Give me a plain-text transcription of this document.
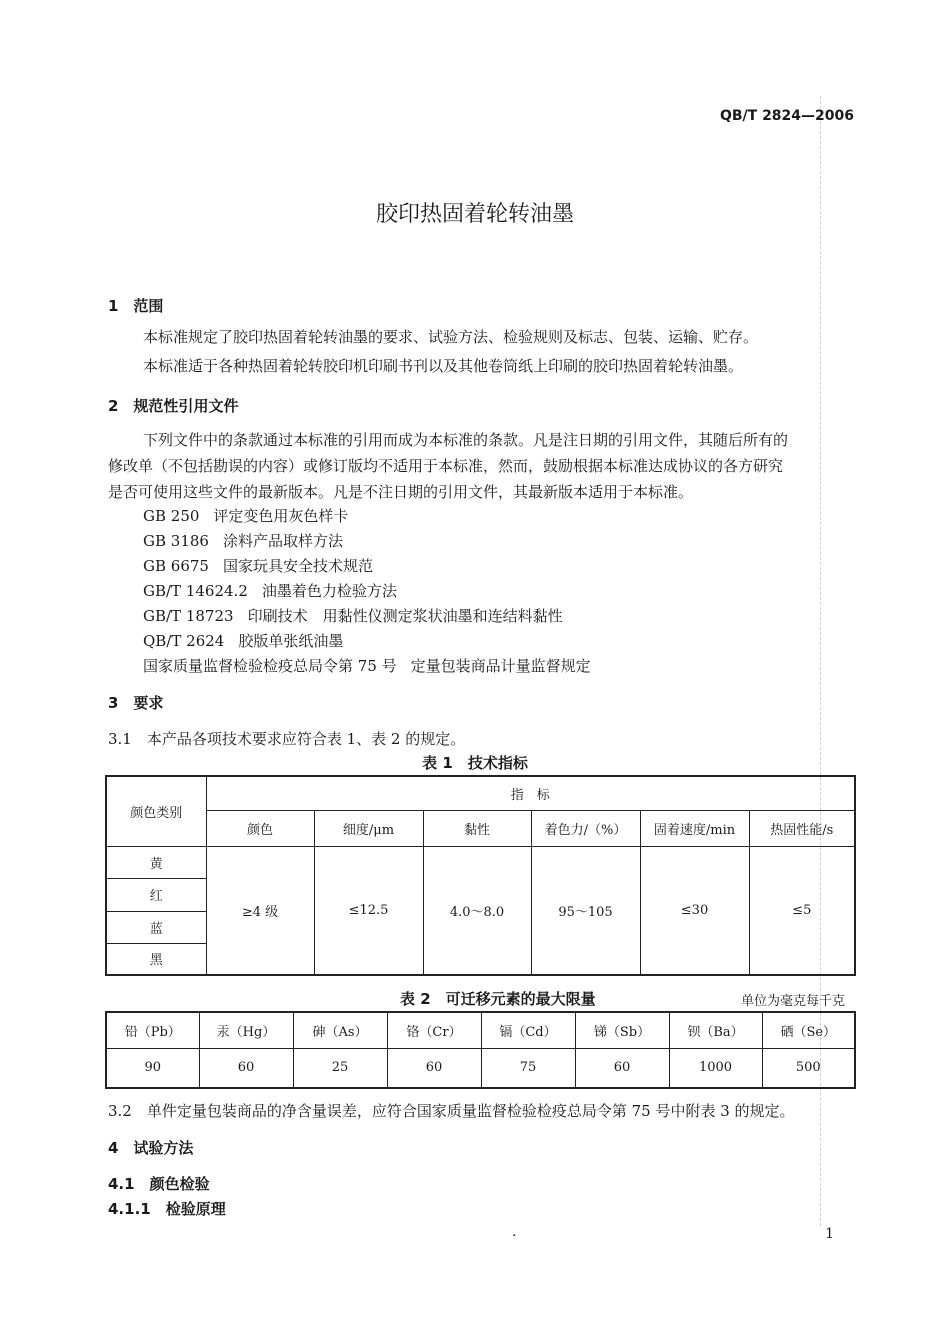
QB/T 2824—2006
胶印热固着轮转油墨
1　范围
本标准规定了胶印热固着轮转油墨的要求、试验方法、检验规则及标志、包装、运输、贮存。
本标准适于各种热固着轮转胶印机印刷书刊以及其他卷筒纸上印刷的胶印热固着轮转油墨。
2　规范性引用文件
下列文件中的条款通过本标准的引用而成为本标准的条款。凡是注日期的引用文件，其随后所有的
修改单（不包括勘误的内容）或修订版均不适用于本标准，然而，鼓励根据本标准达成协议的各方研究
是否可使用这些文件的最新版本。凡是不注日期的引用文件，其最新版本适用于本标准。
GB 250 评定变色用灰色样卡
GB 3186 涂料产品取样方法
GB 6675 国家玩具安全技术规范
GB/T 14624.2 油墨着色力检验方法
GB/T 18723 印刷技术　用黏性仪测定浆状油墨和连结料黏性
QB/T 2624 胶版单张纸油墨
国家质量监督检验检疫总局令第 75 号 定量包装商品计量监督规定
3　要求
3.1　本产品各项技术要求应符合表 1、表 2 的规定。
表 1　技术指标
颜色类别	指　标					
	颜色	细度/μm	黏性	着色力/（%）	固着速度/min	热固性能/s
黄	≥4 级	≤12.5	4.0～8.0	95～105	≤30	≤5
红						
蓝						
黑						
表 2　可迁移元素的最大限量	单位为毫克每千克
铅（Pb）	汞（Hg）	砷（As）	铬（Cr）	镉（Cd）	锑（Sb）	钡（Ba）	硒（Se）
90	60	25	60	75	60	1000	500
3.2　单件定量包装商品的净含量误差，应符合国家质量监督检验检疫总局令第 75 号中附表 3 的规定。
4　试验方法
4.1　颜色检验
4.1.1　检验原理
·	1
